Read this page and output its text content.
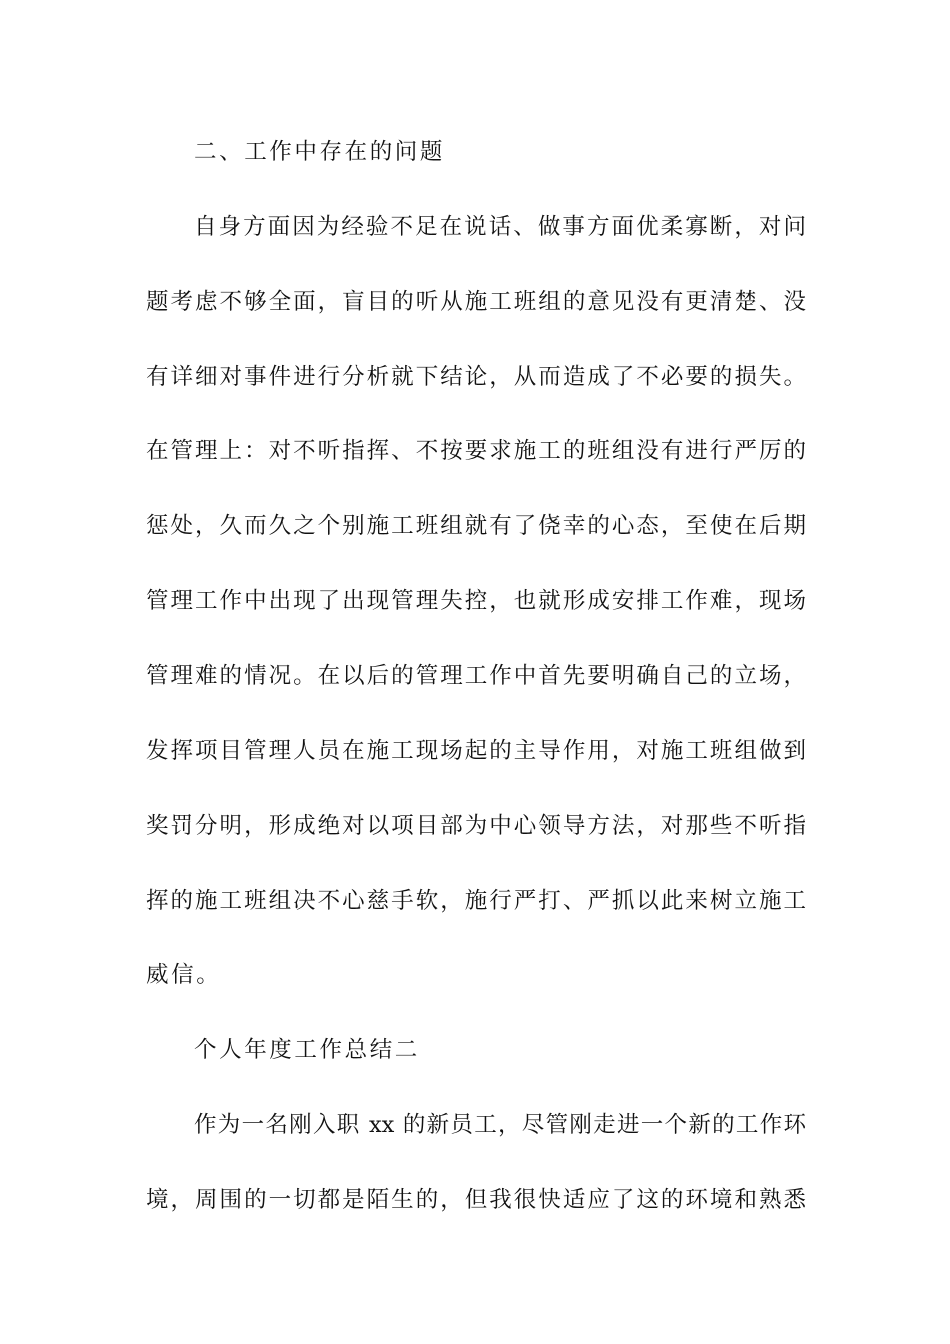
二、工作中存在的问题
自身方面因为经验不足在说话、做事方面优柔寡断，对问
题考虑不够全面，盲目的听从施工班组的意见没有更清楚、没
有详细对事件进行分析就下结论，从而造成了不必要的损失。
在管理上：对不听指挥、不按要求施工的班组没有进行严厉的
惩处，久而久之个别施工班组就有了侥幸的心态，至使在后期
管理工作中出现了出现管理失控，也就形成安排工作难，现场
管理难的情况。在以后的管理工作中首先要明确自己的立场，
发挥项目管理人员在施工现场起的主导作用，对施工班组做到
奖罚分明，形成绝对以项目部为中心领导方法，对那些不听指
挥的施工班组决不心慈手软，施行严打、严抓以此来树立施工
威信。
个人年度工作总结二
作为一名刚入职 xx 的新员工，尽管刚走进一个新的工作环
境，周围的一切都是陌生的，但我很快适应了这的环境和熟悉
